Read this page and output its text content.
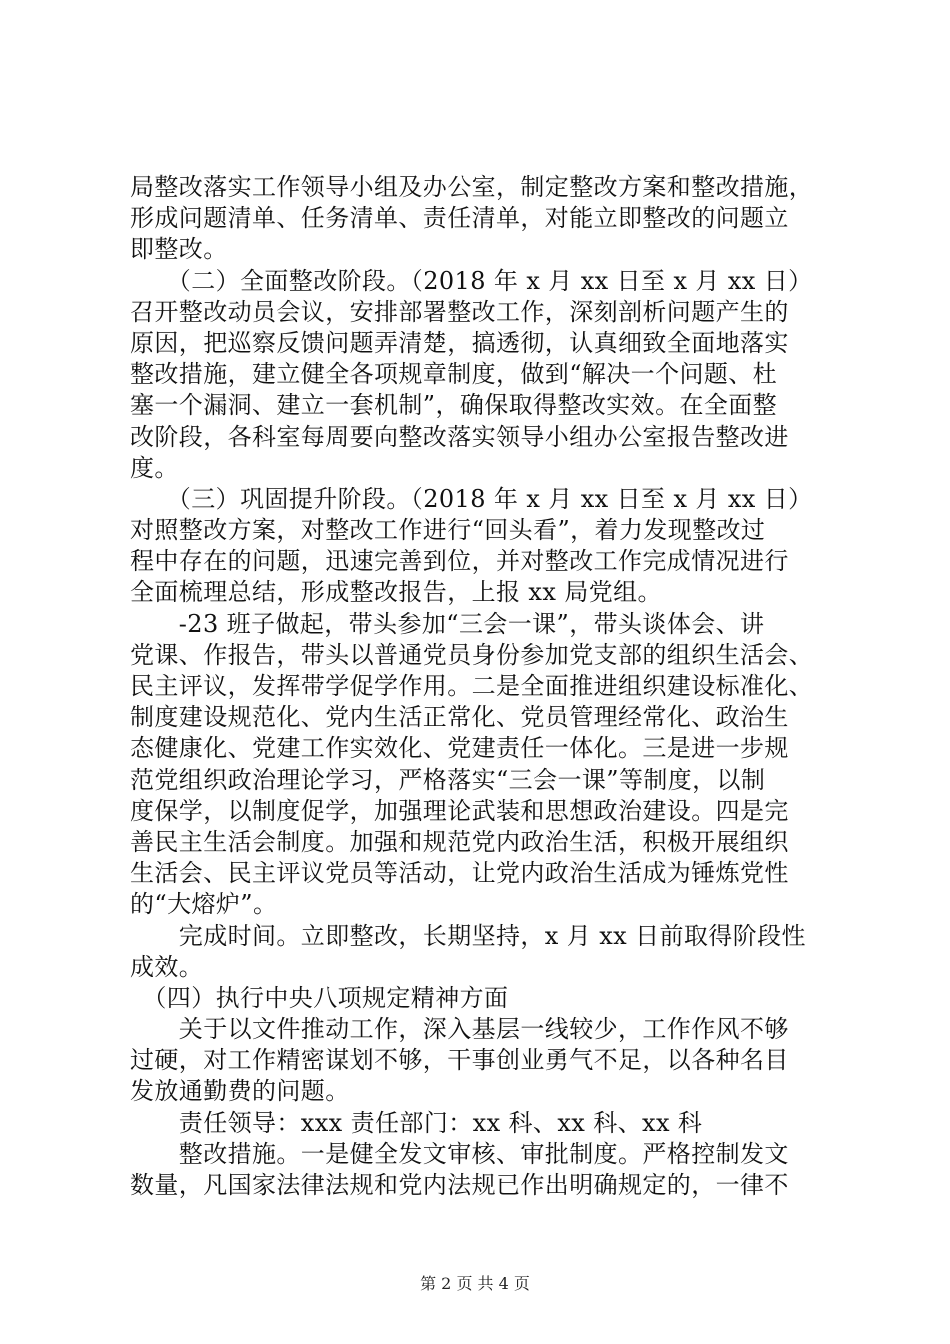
局整改落实工作领导小组及办公室，制定整改方案和整改措施，

形成问题清单、任务清单、责任清单，对能立即整改的问题立

即整改。

　　（二）全面整改阶段。（2018 年 x 月 xx 日至 x 月 xx 日）

召开整改动员会议，安排部署整改工作，深刻剖析问题产生的

原因，把巡察反馈问题弄清楚，搞透彻，认真细致全面地落实

整改措施，建立健全各项规章制度，做到“解决一个问题、杜

塞一个漏洞、建立一套机制”，确保取得整改实效。在全面整

改阶段，各科室每周要向整改落实领导小组办公室报告整改进

度。

　　（三）巩固提升阶段。（2018 年 x 月 xx 日至 x 月 xx 日）

对照整改方案，对整改工作进行“回头看”，着力发现整改过

程中存在的问题，迅速完善到位，并对整改工作完成情况进行

全面梳理总结，形成整改报告，上报 xx 局党组。

　　-23 班子做起，带头参加“三会一课”，带头谈体会、讲

党课、作报告，带头以普通党员身份参加党支部的组织生活会、

民主评议，发挥带学促学作用。二是全面推进组织建设标准化、

制度建设规范化、党内生活正常化、党员管理经常化、政治生

态健康化、党建工作实效化、党建责任一体化。三是进一步规

范党组织政治理论学习，严格落实“三会一课”等制度，以制

度保学，以制度促学，加强理论武装和思想政治建设。四是完

善民主生活会制度。加强和规范党内政治生活，积极开展组织

生活会、民主评议党员等活动，让党内政治生活成为锤炼党性

的“大熔炉”。

　　完成时间。立即整改，长期坚持，x 月 xx 日前取得阶段性

成效。

　（四）执行中央八项规定精神方面

　　关于以文件推动工作，深入基层一线较少，工作作风不够

过硬，对工作精密谋划不够，干事创业勇气不足，以各种名目

发放通勤费的问题。

　　责任领导：xxx 责任部门：xx 科、xx 科、xx 科

　　整改措施。一是健全发文审核、审批制度。严格控制发文

数量，凡国家法律法规和党内法规已作出明确规定的，一律不

第 2 页 共 4 页
